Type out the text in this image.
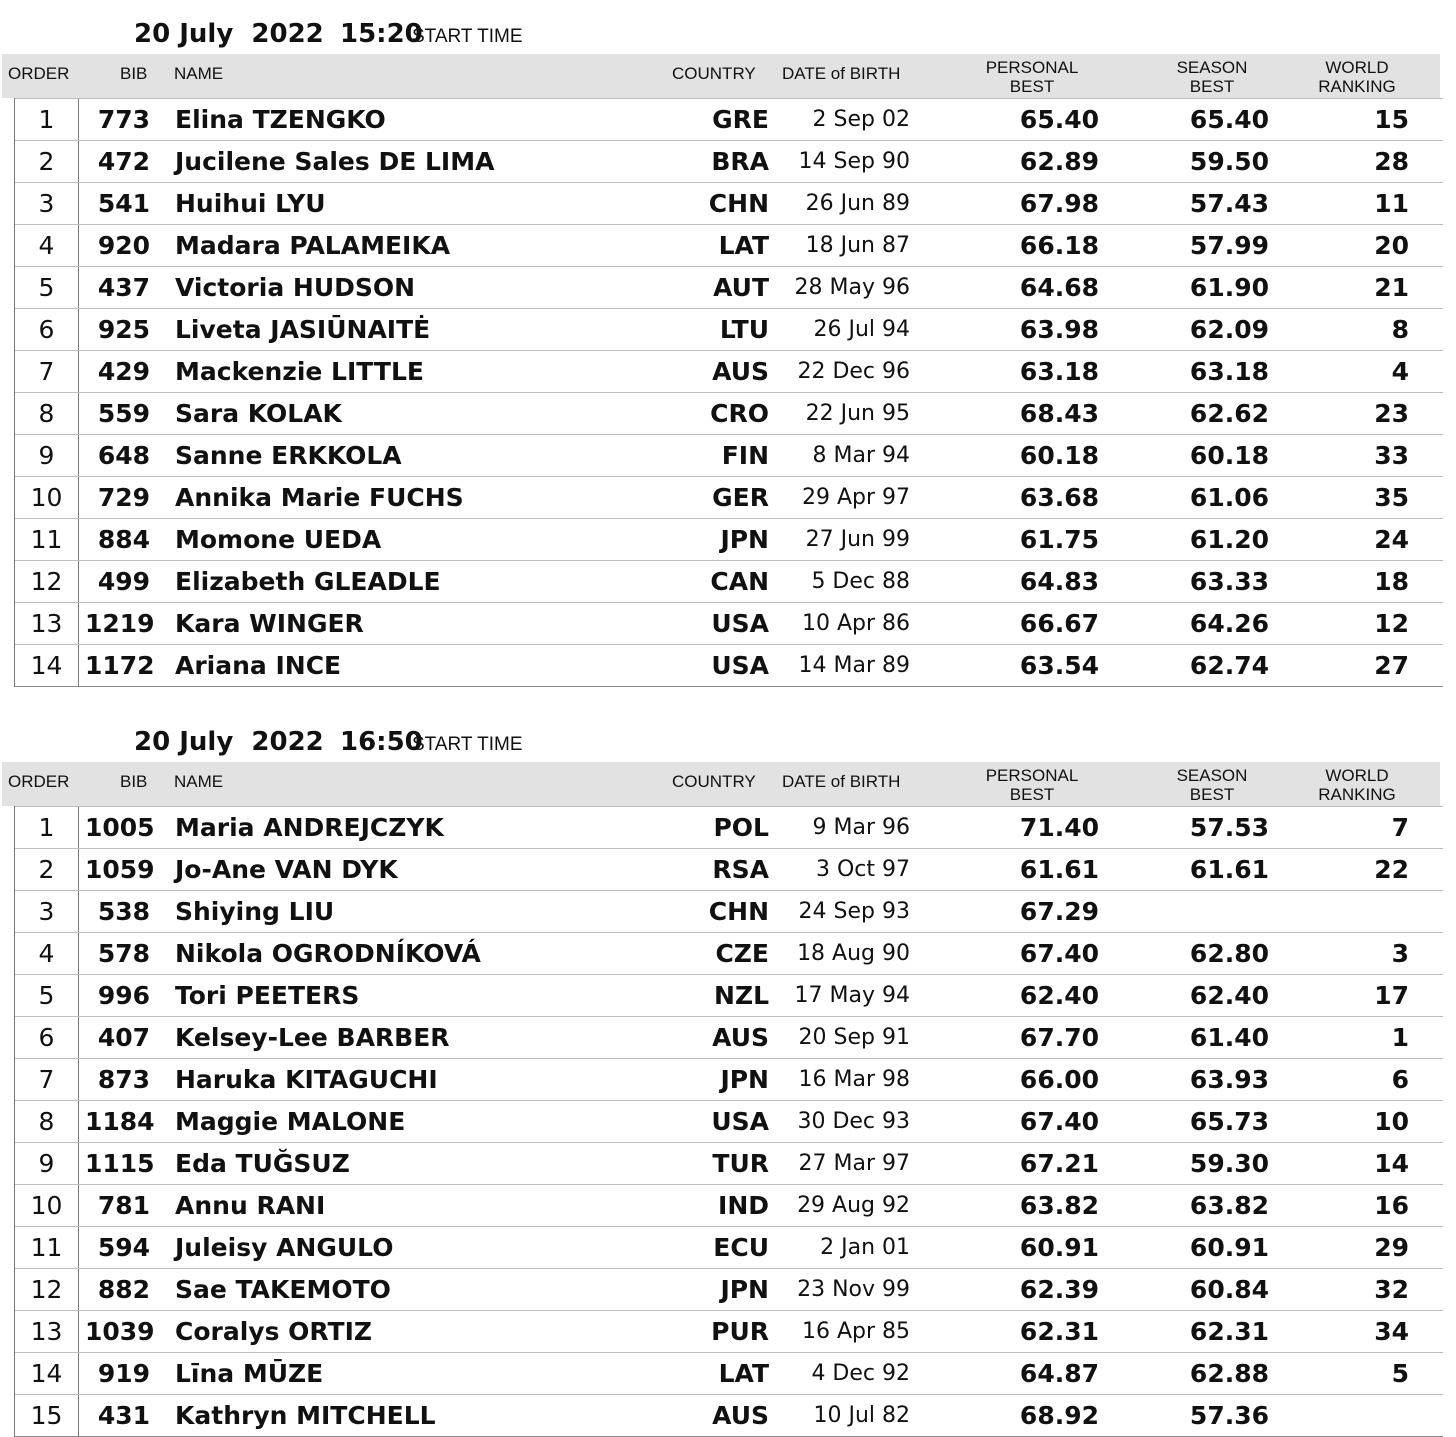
20 July  2022 15:20
START TIME
ORDER	BIB NAME	COUNTRY DATE of BIRTH	PERSONAL
BEST
SEASON
BEST
WORLD
RANKING
1	773 Elina TZENGKO	GRE	2 Sep 02	65.40	65.40	15
2	472 Jucilene Sales DE LIMA	BRA	14 Sep 90	62.89	59.50	28
3	541 Huihui LYU	CHN	26 Jun 89	67.98	57.43	11
4	920 Madara PALAMEIKA	LAT	18 Jun 87	66.18	57.99	20
5	437 Victoria HUDSON	AUT	28 May 96	64.68	61.90	21
6	925 Liveta JASIŪNAITĖ	LTU	26 Jul 94	63.98	62.09	8
7	429 Mackenzie LITTLE	AUS	22 Dec 96	63.18	63.18	4
8	559 Sara KOLAK	CRO	22 Jun 95	68.43	62.62	23
9	648 Sanne ERKKOLA	FIN	8 Mar 94	60.18	60.18	33
10	729 Annika Marie FUCHS	GER	29 Apr 97	63.68	61.06	35
11	884 Momone UEDA	JPN	27 Jun 99	61.75	61.20	24
12	499 Elizabeth GLEADLE	CAN	5 Dec 88	64.83	63.33	18
13 1219 Kara WINGER	USA	10 Apr 86	66.67	64.26	12
14 1172 Ariana INCE	USA	14 Mar 89	63.54	62.74	27
20 July  2022 16:50
START TIME
ORDER	BIB NAME	COUNTRY DATE of BIRTH	PERSONAL
BEST
SEASON
BEST
WORLD
RANKING
1	1005 Maria ANDREJCZYK	POL	9 Mar 96	71.40	57.53	7
2	1059 Jo-Ane VAN DYK	RSA	3 Oct 97	61.61	61.61	22
3	538 Shiying LIU	CHN	24 Sep 93	67.29
4	578 Nikola OGRODNÍKOVÁ	CZE	18 Aug 90	67.40	62.80	3
5	996 Tori PEETERS	NZL	17 May 94	62.40	62.40	17
6	407 Kelsey-Lee BARBER	AUS	20 Sep 91	67.70	61.40	1
7	873 Haruka KITAGUCHI	JPN	16 Mar 98	66.00	63.93	6
8	1184 Maggie MALONE	USA	30 Dec 93	67.40	65.73	10
9	1115 Eda TUĞSUZ	TUR	27 Mar 97	67.21	59.30	14
10	781 Annu RANI	IND	29 Aug 92	63.82	63.82	16
11	594 Juleisy ANGULO	ECU	2 Jan 01	60.91	60.91	29
12	882 Sae TAKEMOTO	JPN	23 Nov 99	62.39	60.84	32
13 1039 Coralys ORTIZ	PUR	16 Apr 85	62.31	62.31	34
14	919 Līna MŪZE	LAT	4 Dec 92	64.87	62.88	5
15	431 Kathryn MITCHELL	AUS	10 Jul 82	68.92	57.36
